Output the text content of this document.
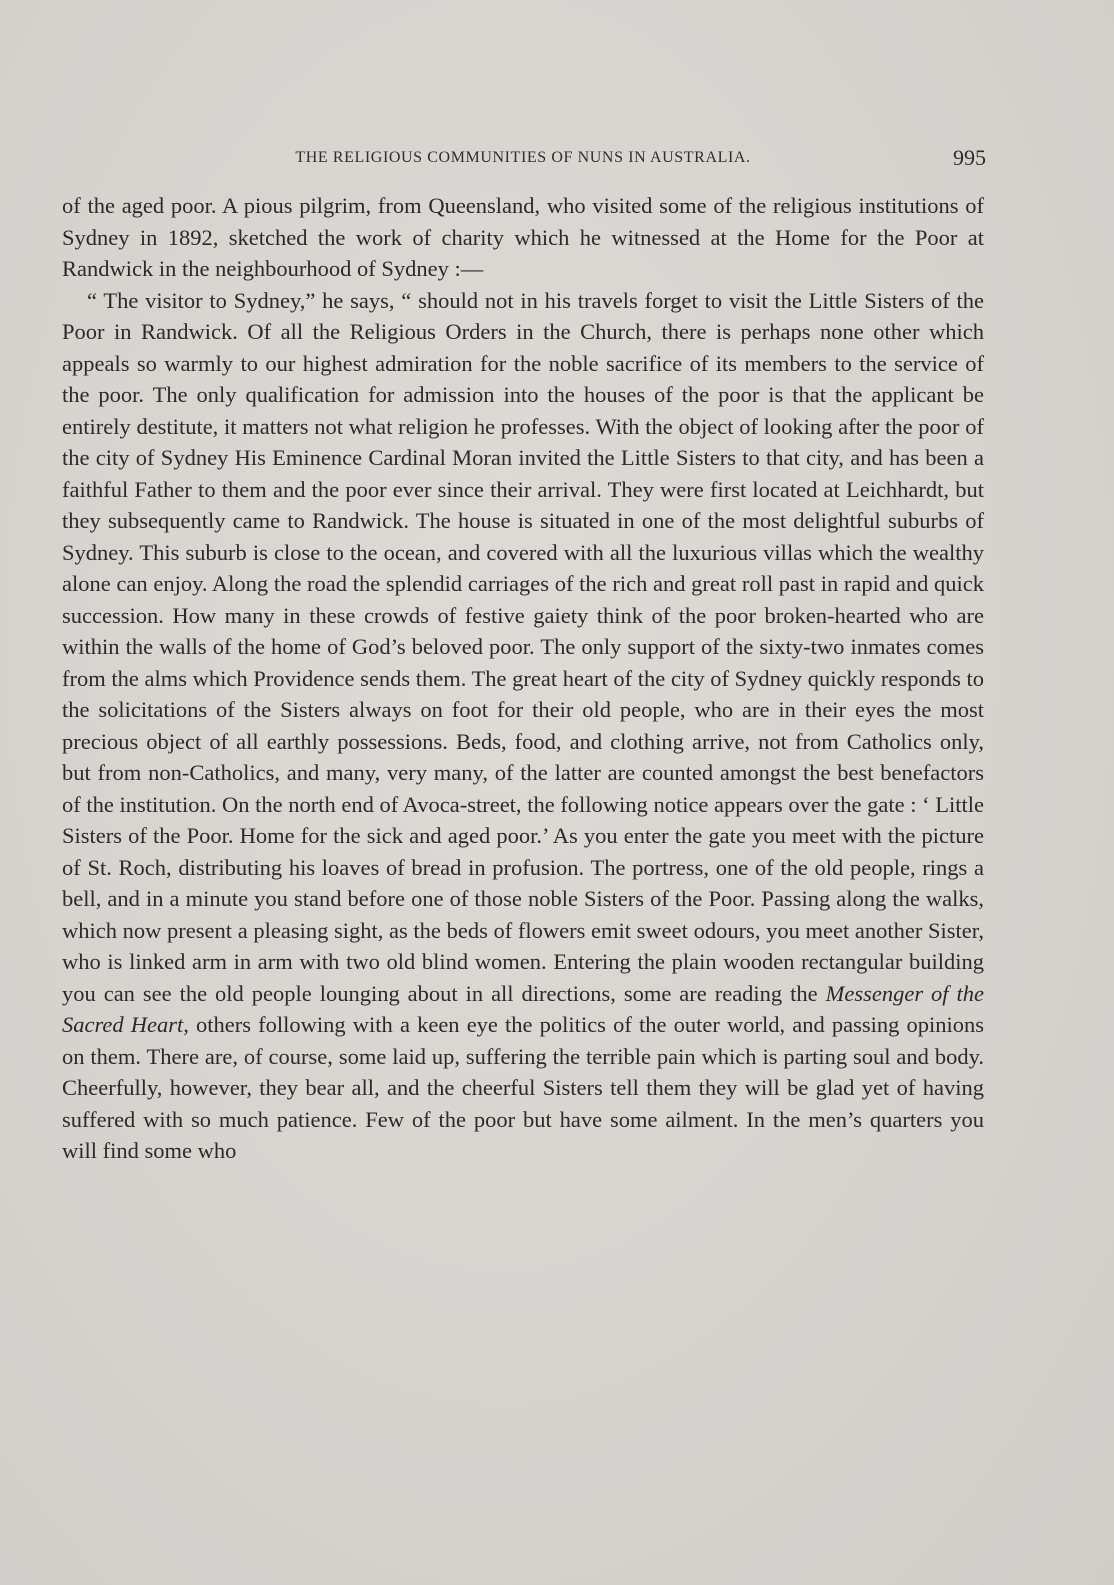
THE RELIGIOUS COMMUNITIES OF NUNS IN AUSTRALIA.	995

of the aged poor. A pious pilgrim, from Queensland, who visited some of the religious institutions of Sydney in 1892, sketched the work of charity which he witnessed at the Home for the Poor at Randwick in the neighbourhood of Sydney :—

“ The visitor to Sydney,” he says, “ should not in his travels forget to visit the Little Sisters of the Poor in Randwick. Of all the Religious Orders in the Church, there is perhaps none other which appeals so warmly to our highest admiration for the noble sacrifice of its members to the service of the poor. The only qualification for admission into the houses of the poor is that the applicant be entirely destitute, it matters not what religion he professes. With the object of looking after the poor of the city of Sydney His Eminence Cardinal Moran invited the Little Sisters to that city, and has been a faithful Father to them and the poor ever since their arrival. They were first located at Leichhardt, but they subsequently came to Randwick. The house is situated in one of the most delightful suburbs of Sydney. This suburb is close to the ocean, and covered with all the luxurious villas which the wealthy alone can enjoy. Along the road the splendid carriages of the rich and great roll past in rapid and quick succession. How many in these crowds of festive gaiety think of the poor broken-hearted who are within the walls of the home of God’s beloved poor. The only support of the sixty-two inmates comes from the alms which Providence sends them. The great heart of the city of Sydney quickly responds to the solicitations of the Sisters always on foot for their old people, who are in their eyes the most precious object of all earthly possessions. Beds, food, and clothing arrive, not from Catholics only, but from non-Catholics, and many, very many, of the latter are counted amongst the best benefactors of the institution. On the north end of Avoca-street, the following notice appears over the gate : ‘ Little Sisters of the Poor. Home for the sick and aged poor.’ As you enter the gate you meet with the picture of St. Roch, distributing his loaves of bread in profusion. The portress, one of the old people, rings a bell, and in a minute you stand before one of those noble Sisters of the Poor. Passing along the walks, which now present a pleasing sight, as the beds of flowers emit sweet odours, you meet another Sister, who is linked arm in arm with two old blind women. Entering the plain wooden rectangular building you can see the old people lounging about in all directions, some are reading the Messenger of the Sacred Heart, others following with a keen eye the politics of the outer world, and passing opinions on them. There are, of course, some laid up, suffering the terrible pain which is parting soul and body. Cheerfully, however, they bear all, and the cheerful Sisters tell them they will be glad yet of having suffered with so much patience. Few of the poor but have some ailment. In the men’s quarters you will find some who
